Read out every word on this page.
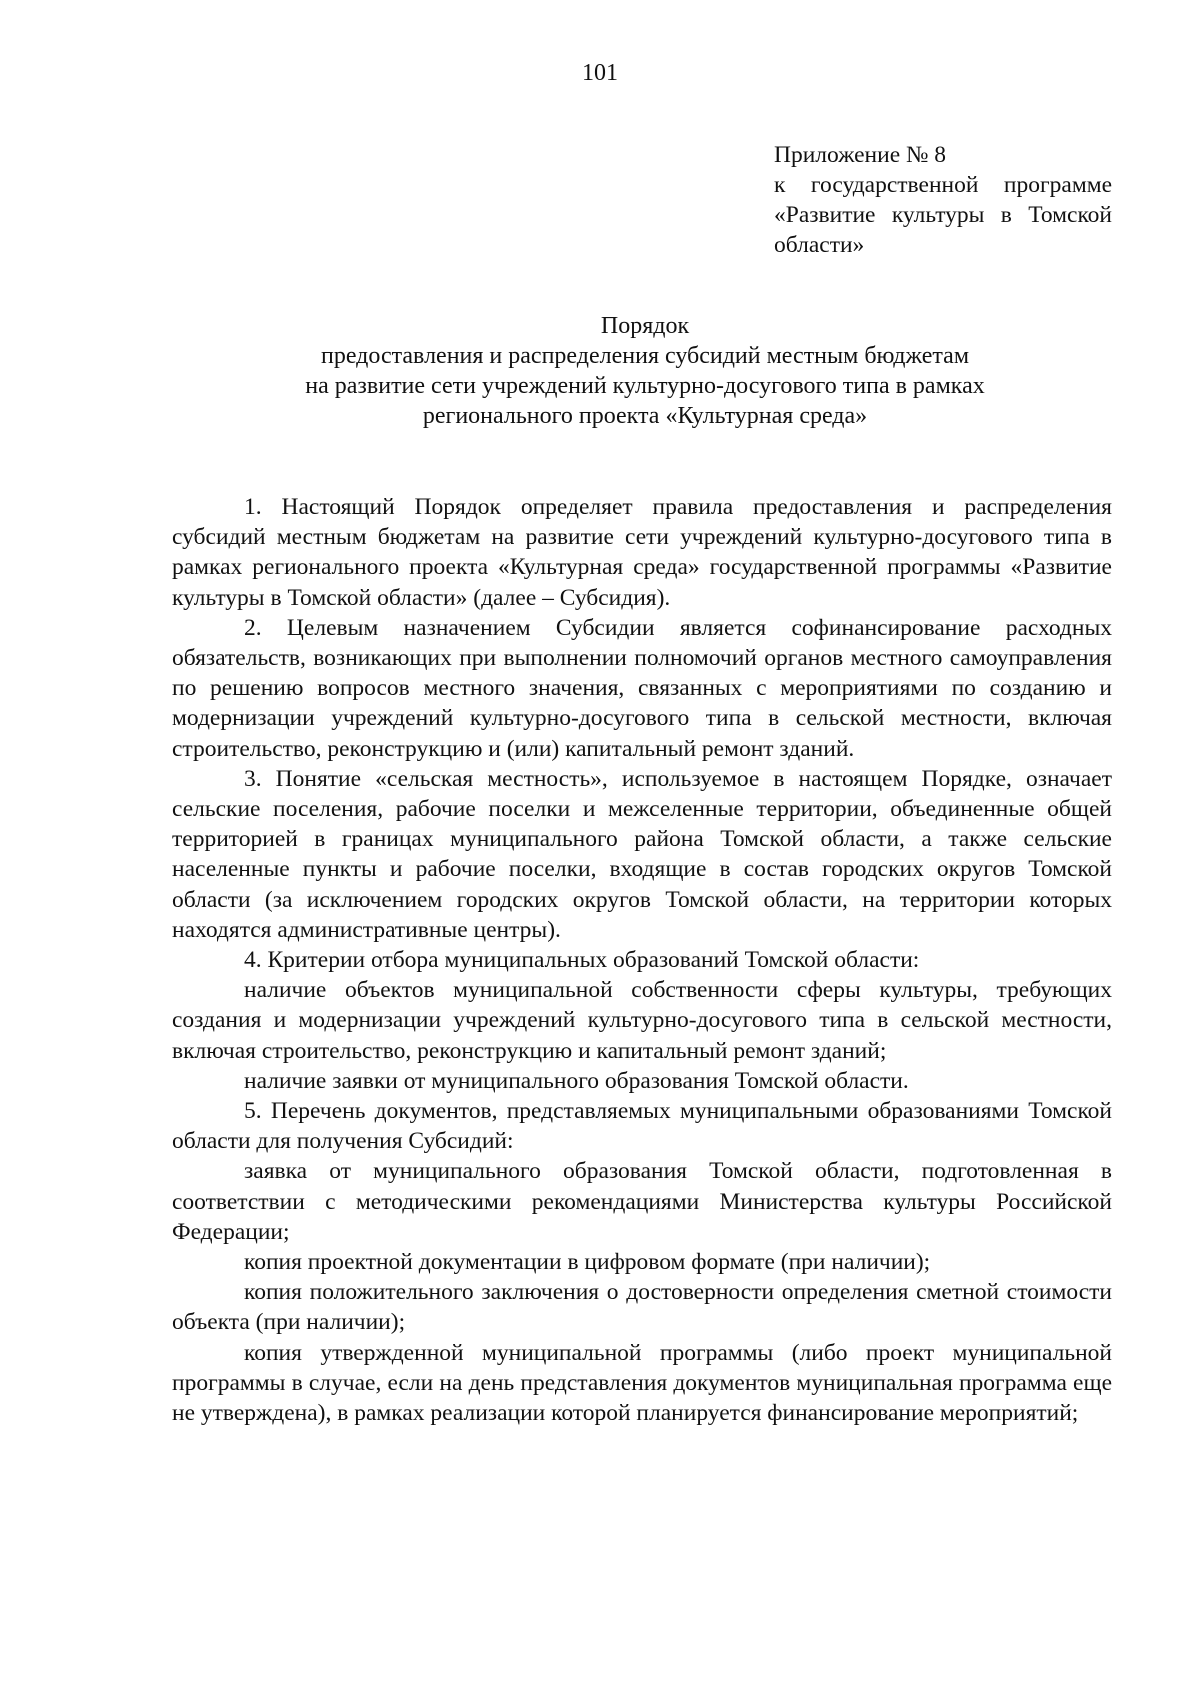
101
Приложение № 8
к государственной программе
«Развитие культуры в Томской
области»
Порядок
предоставления и распределения субсидий местным бюджетам
на развитие сети учреждений культурно-досугового типа в рамках
регионального проекта «Культурная среда»

1. Настоящий Порядок определяет правила предоставления и распределения субсидий местным бюджетам на развитие сети учреждений культурно-досугового типа в рамках регионального проекта «Культурная среда» государственной программы «Развитие культуры в Томской области» (далее – Субсидия).

2. Целевым назначением Субсидии является софинансирование расходных обязательств, возникающих при выполнении полномочий органов местного самоуправления по решению вопросов местного значения, связанных с мероприятиями по созданию и модернизации учреждений культурно-досугового типа в сельской местности, включая строительство, реконструкцию и (или) капитальный ремонт зданий.

3. Понятие «сельская местность», используемое в настоящем Порядке, означает сельские поселения, рабочие поселки и межселенные территории, объединенные общей территорией в границах муниципального района Томской области, а также сельские населенные пункты и рабочие поселки, входящие в состав городских округов Томской области (за исключением городских округов Томской области, на территории которых находятся административные центры).

4. Критерии отбора муниципальных образований Томской области:

наличие объектов муниципальной собственности сферы культуры, требующих создания и модернизации учреждений культурно-досугового типа в сельской местности, включая строительство, реконструкцию и капитальный ремонт зданий;

наличие заявки от муниципального образования Томской области.

5. Перечень документов, представляемых муниципальными образованиями Томской области для получения Субсидий:

заявка от муниципального образования Томской области, подготовленная в соответствии с методическими рекомендациями Министерства культуры Российской Федерации;

копия проектной документации в цифровом формате (при наличии);

копия положительного заключения о достоверности определения сметной стоимости объекта (при наличии);

копия утвержденной муниципальной программы (либо проект муниципальной программы в случае, если на день представления документов муниципальная программа еще не утверждена), в рамках реализации которой планируется финансирование мероприятий;
